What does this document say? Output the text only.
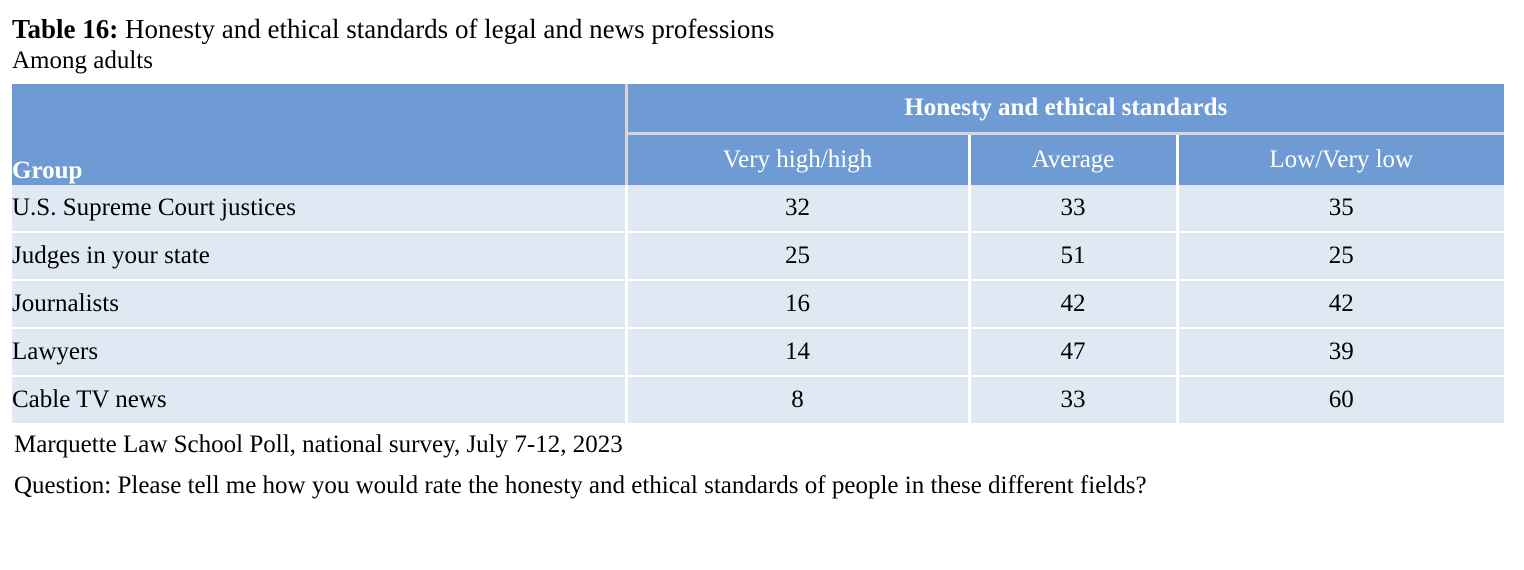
Table 16: Honesty and ethical standards of legal and news professions
Among adults
Group	Honesty and ethical standards		
	Very high/high	Average	Low/Very low
U.S. Supreme Court justices	32	33	35
Judges in your state	25	51	25
Journalists	16	42	42
Lawyers	14	47	39
Cable TV news	8	33	60
Marquette Law School Poll, national survey, July 7-12, 2023
Question: Please tell me how you would rate the honesty and ethical standards of people in these different fields?
